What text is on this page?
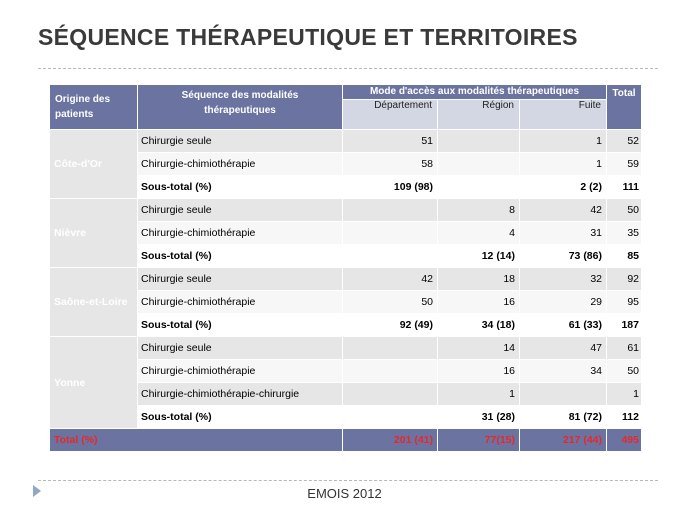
SÉQUENCE THÉRAPEUTIQUE ET TERRITOIRES
Origine des patients	Séquence des modalités thérapeutiques	Mode d'accès aux modalités thérapeutiques			Total
		Département	Région	Fuite	
Côte-d'Or	Chirurgie seule	51		1	52
	Chirurgie-chimiothérapie	58		1	59
	Sous-total (%)	109 (98)		2 (2)	111
Nièvre	Chirurgie seule		8	42	50
	Chirurgie-chimiothérapie		4	31	35
	Sous-total (%)		12 (14)	73 (86)	85
Saône-et-Loire	Chirurgie seule	42	18	32	92
	Chirurgie-chimiothérapie	50	16	29	95
	Sous-total (%)	92 (49)	34 (18)	61 (33)	187
Yonne	Chirurgie seule		14	47	61
	Chirurgie-chimiothérapie		16	34	50
	Chirurgie-chimiothérapie-chirurgie		1		1
	Sous-total (%)		31 (28)	81 (72)	112
Total (%)		201 (41)	77(15)	217 (44)	495
EMOIS 2012
